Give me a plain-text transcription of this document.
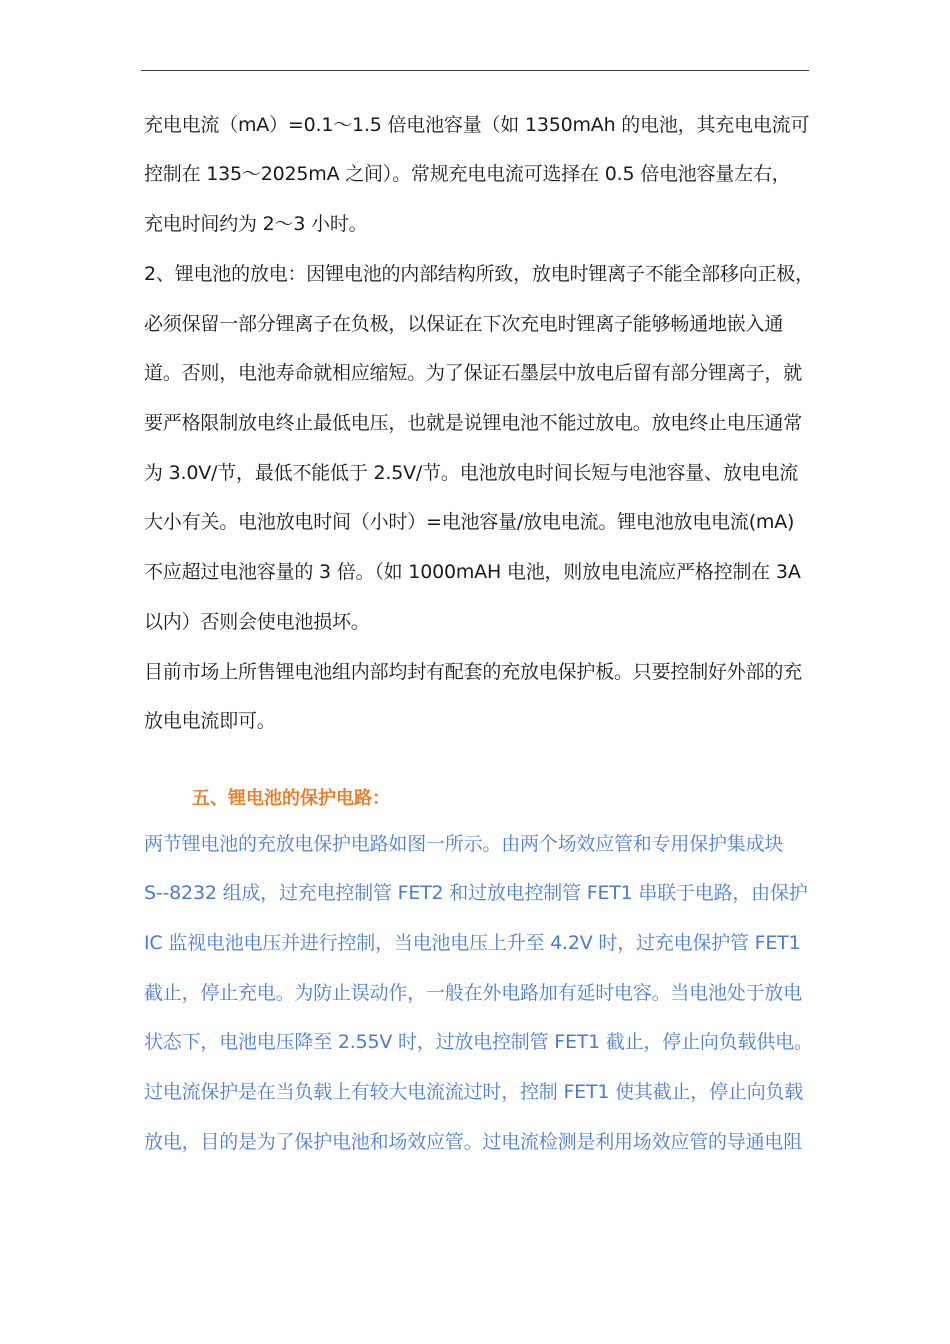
充电电流（mA）=0.1～1.5 倍电池容量（如 1350mAh 的电池，其充电电流可
控制在 135～2025mA 之间）。常规充电电流可选择在 0.5 倍电池容量左右，
充电时间约为 2～3 小时。
2、锂电池的放电：因锂电池的内部结构所致，放电时锂离子不能全部移向正极，
必须保留一部分锂离子在负极，以保证在下次充电时锂离子能够畅通地嵌入通
道。否则，电池寿命就相应缩短。为了保证石墨层中放电后留有部分锂离子，就
要严格限制放电终止最低电压，也就是说锂电池不能过放电。放电终止电压通常
为 3.0V/节，最低不能低于 2.5V/节。电池放电时间长短与电池容量、放电电流
大小有关。电池放电时间（小时）=电池容量/放电电流。锂电池放电电流(mA)
不应超过电池容量的 3 倍。（如 1000mAH 电池，则放电电流应严格控制在 3A
以内）否则会使电池损坏。
目前市场上所售锂电池组内部均封有配套的充放电保护板。只要控制好外部的充
放电电流即可。
五、锂电池的保护电路：
两节锂电池的充放电保护电路如图一所示。由两个场效应管和专用保护集成块
S--8232 组成，过充电控制管 FET2 和过放电控制管 FET1 串联于电路，由保护
IC 监视电池电压并进行控制，当电池电压上升至 4.2V 时，过充电保护管 FET1
截止，停止充电。为防止误动作，一般在外电路加有延时电容。当电池处于放电
状态下，电池电压降至 2.55V 时，过放电控制管 FET1 截止，停止向负载供电。
过电流保护是在当负载上有较大电流流过时，控制 FET1 使其截止，停止向负载
放电，目的是为了保护电池和场效应管。过电流检测是利用场效应管的导通电阻
